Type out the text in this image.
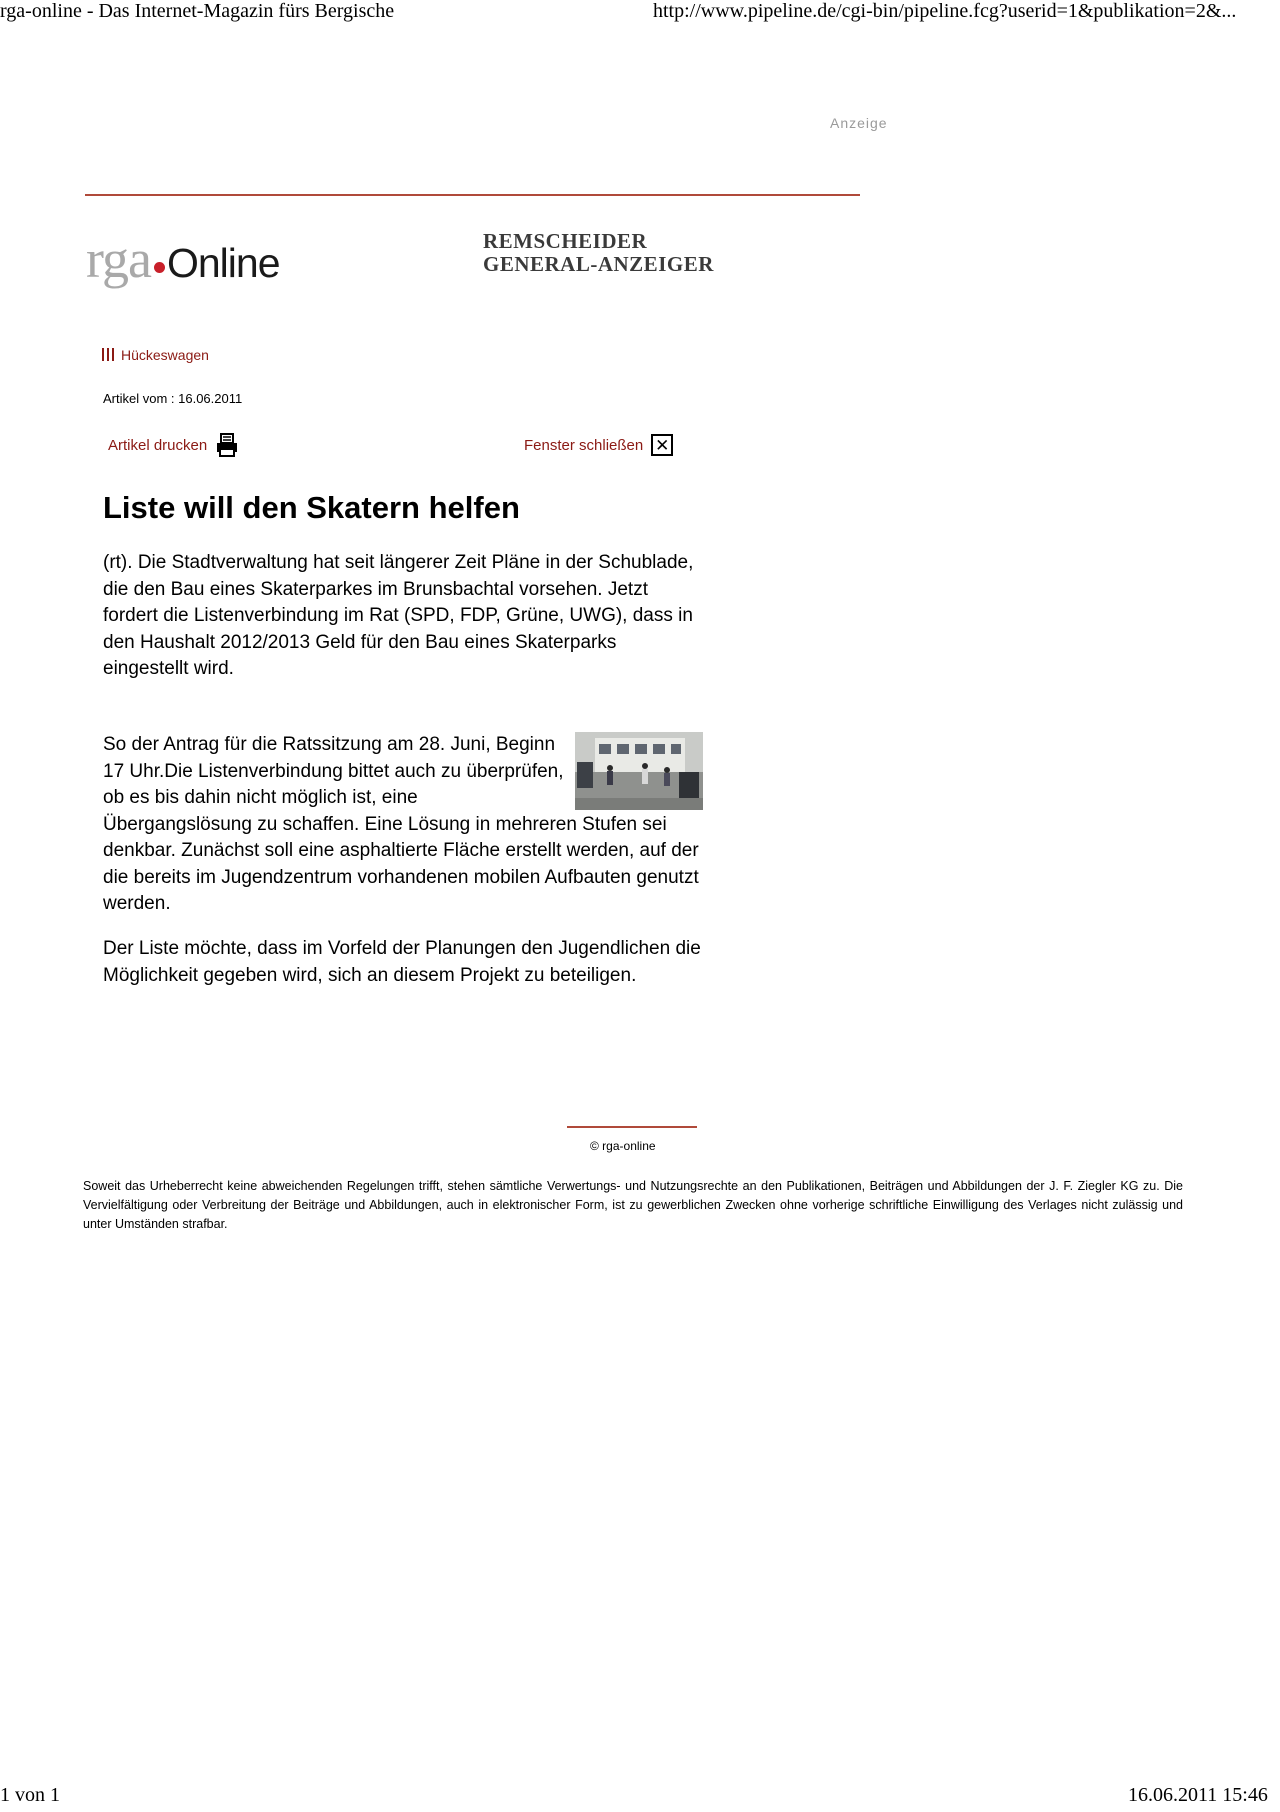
rga-online - Das Internet-Magazin fürs Bergische	http://www.pipeline.de/cgi-bin/pipeline.fcg?userid=1&publikation=2&...
Anzeige
rga Online	REMSCHEIDER
GENERAL-ANZEIGER
Hückeswagen
Artikel vom : 16.06.2011
Artikel drucken	Fenster schließen ✕
Liste will den Skatern helfen

(rt). Die Stadtverwaltung hat seit längerer Zeit Pläne in der Schublade, die den Bau eines Skaterparkes im Brunsbachtal vorsehen. Jetzt fordert die Listenverbindung im Rat (SPD, FDP, Grüne, UWG), dass in den Haushalt 2012/2013 Geld für den Bau eines Skaterparks eingestellt wird.

So der Antrag für die Ratssitzung am 28. Juni, Beginn 17 Uhr.Die Listenverbindung bittet auch zu überprüfen, ob es bis dahin nicht möglich ist, eine Übergangslösung zu schaffen. Eine Lösung in mehreren Stufen sei denkbar. Zunächst soll eine asphaltierte Fläche erstellt werden, auf der die bereits im Jugendzentrum vorhandenen mobilen Aufbauten genutzt werden.

Der Liste möchte, dass im Vorfeld der Planungen den Jugendlichen die Möglichkeit gegeben wird, sich an diesem Projekt zu beteiligen.

© rga-online

Soweit das Urheberrecht keine abweichenden Regelungen trifft, stehen sämtliche Verwertungs- und Nutzungsrechte an den Publikationen, Beiträgen und Abbildungen der J. F. Ziegler KG zu. Die Vervielfältigung oder Verbreitung der Beiträge und Abbildungen, auch in elektronischer Form, ist zu gewerblichen Zwecken ohne vorherige schriftliche Einwilligung des Verlages nicht zulässig und unter Umständen strafbar.

1 von 1	16.06.2011 15:46
